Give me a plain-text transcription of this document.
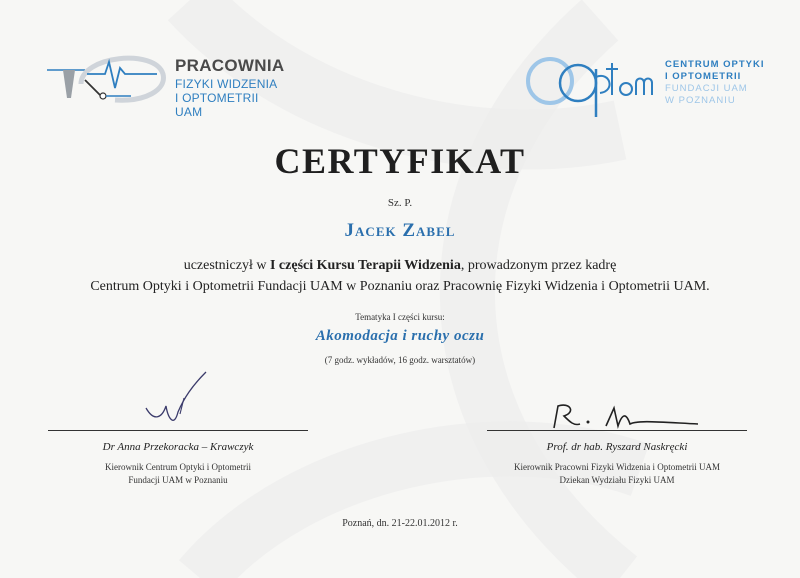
PRACOWNIA
FIZYKI WIDZENIA
I OPTOMETRII UAM
CENTRUM OPTYKI
I OPTOMETRII
FUNDACJI UAM
W POZNANIU
CERTYFIKAT
Sz. P.
Jacek Zabel
uczestniczył w I części Kursu Terapii Widzenia, prowadzonym przez kadrę
Centrum Optyki i Optometrii Fundacji UAM w Poznaniu oraz Pracownię Fizyki Widzenia i Optometrii UAM.
Tematyka I części kursu:
Akomodacja i ruchy oczu
(7 godz. wykładów, 16 godz. warsztatów)
Dr Anna Przekoracka – Krawczyk
Kierownik Centrum Optyki i Optometrii
Fundacji UAM w Poznaniu
Prof. dr hab. Ryszard Naskręcki
Kierownik Pracowni Fizyki Widzenia i Optometrii UAM
Dziekan Wydziału Fizyki UAM
Poznań, dn. 21-22.01.2012 r.
